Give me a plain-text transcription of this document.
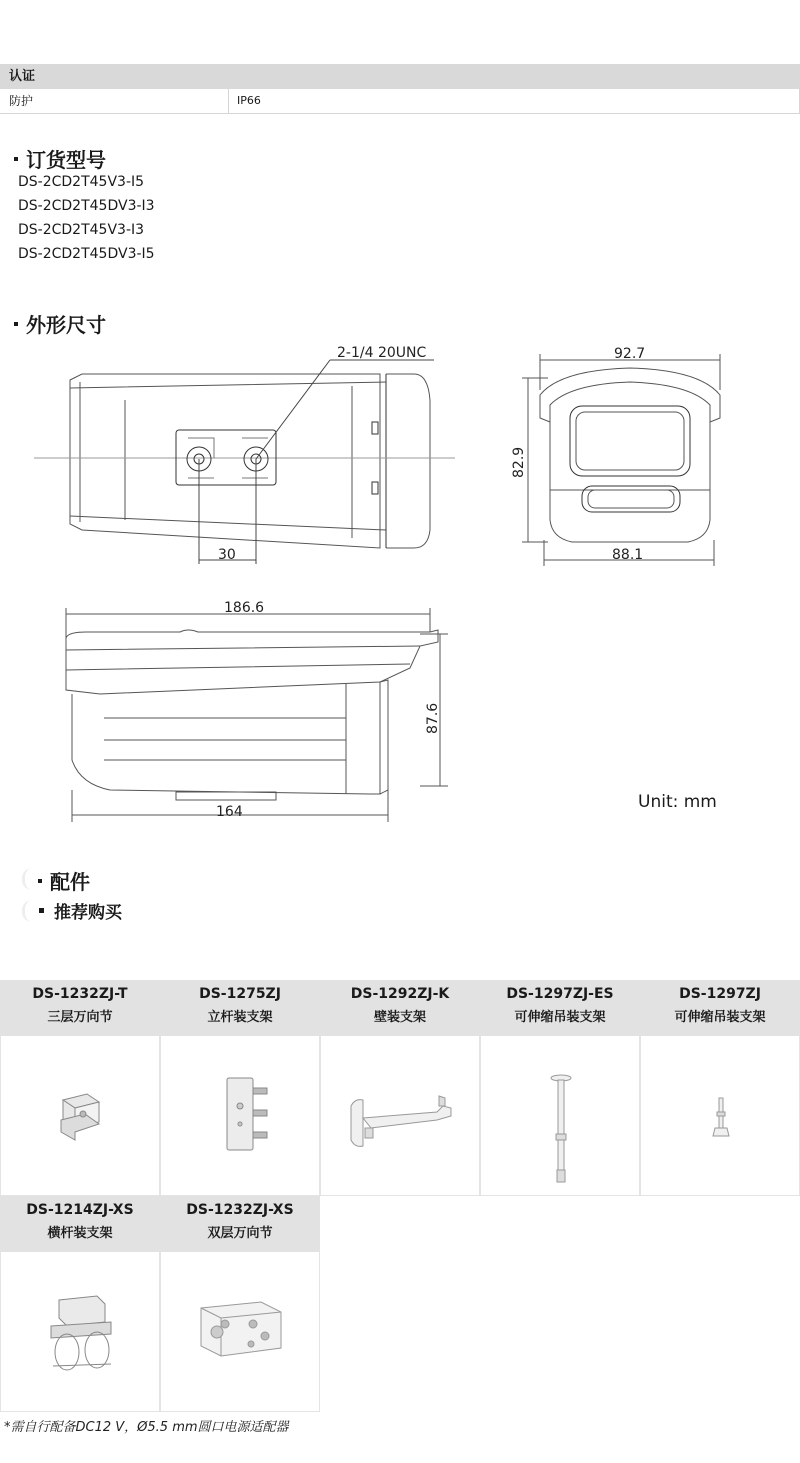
认证
防护	IP66
订货型号
DS-2CD2T45V3-I5
DS-2CD2T45DV3-I3
DS-2CD2T45V3-I3
DS-2CD2T45DV3-I5
外形尺寸
2-1/4 20UNC
30
92.7
88.1
82.9
186.6
164
87.6
Unit: mm
配件
推荐购买
DS-1232ZJ-T
三层万向节
DS-1275ZJ
立杆装支架
DS-1292ZJ-K
壁装支架
DS-1297ZJ-ES
可伸缩吊装支架
DS-1297ZJ
可伸缩吊装支架
DS-1214ZJ-XS
横杆装支架
DS-1232ZJ-XS
双层万向节
*需自行配备DC12 V，Ø5.5 mm圆口电源适配器
